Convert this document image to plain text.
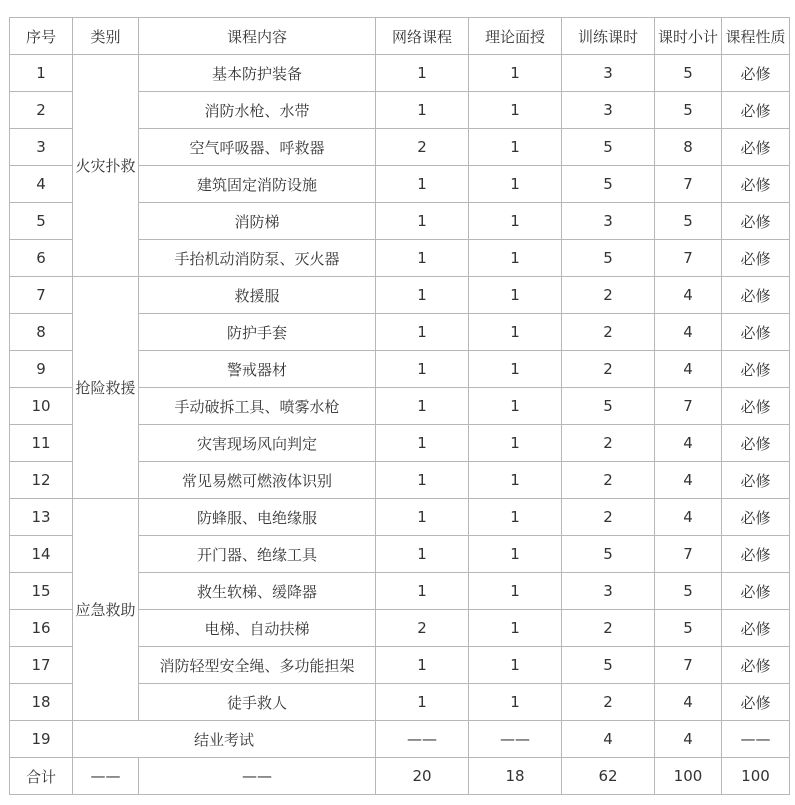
序号	类别	课程内容	网络课程	理论面授	训练课时	课时小计	课程性质
1	火灾扑救	基本防护装备	1	1	3	5	必修
2		消防水枪、水带	1	1	3	5	必修
3		空气呼吸器、呼救器	2	1	5	8	必修
4		建筑固定消防设施	1	1	5	7	必修
5		消防梯	1	1	3	5	必修
6		手抬机动消防泵、灭火器	1	1	5	7	必修
7	抢险救援	救援服	1	1	2	4	必修
8		防护手套	1	1	2	4	必修
9		警戒器材	1	1	2	4	必修
10		手动破拆工具、喷雾水枪	1	1	5	7	必修
11		灾害现场风向判定	1	1	2	4	必修
12		常见易燃可燃液体识别	1	1	2	4	必修
13	应急救助	防蜂服、电绝缘服	1	1	2	4	必修
14		开门器、绝缘工具	1	1	5	7	必修
15		救生软梯、缓降器	1	1	3	5	必修
16		电梯、自动扶梯	2	1	2	5	必修
17		消防轻型安全绳、多功能担架	1	1	5	7	必修
18		徒手救人	1	1	2	4	必修
19	结业考试		——	——	4	4	——
合计	——	——	20	18	62	100	100
